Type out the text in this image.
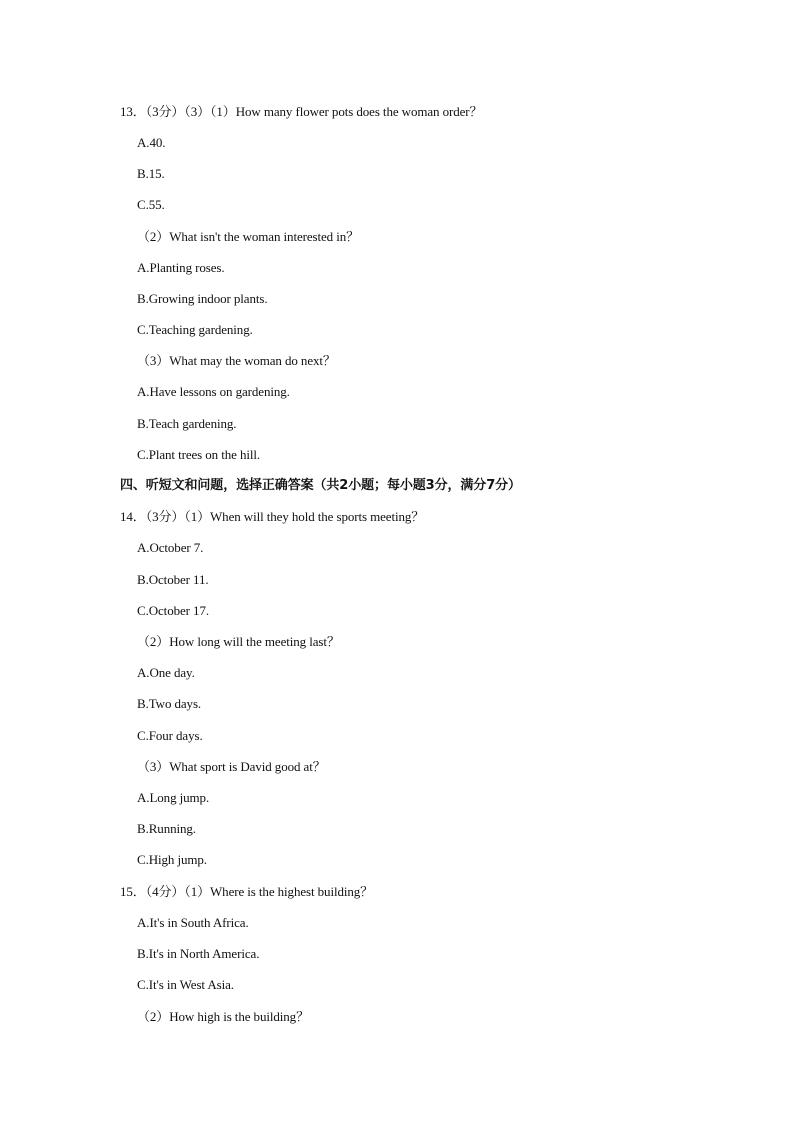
13．（3分）（3）（1）How many flower pots does the woman order？
A.40.
B.15.
C.55.
（2）What isn't the woman interested in？
A.Planting roses.
B.Growing indoor plants.
C.Teaching gardening.
（3）What may the woman do next？
A.Have lessons on gardening.
B.Teach gardening.
C.Plant trees on the hill.
四、听短文和问题，选择正确答案（共2小题；每小题3分，满分7分）
14．（3分）（1）When will they hold the sports meeting？
A.October 7.
B.October 11.
C.October 17.
（2）How long will the meeting last？
A.One day.
B.Two days.
C.Four days.
（3）What sport is David good at？
A.Long jump.
B.Running.
C.High jump.
15．（4分）（1）Where is the highest building？
A.It's in South Africa.
B.It's in North America.
C.It's in West Asia.
（2）How high is the building？
